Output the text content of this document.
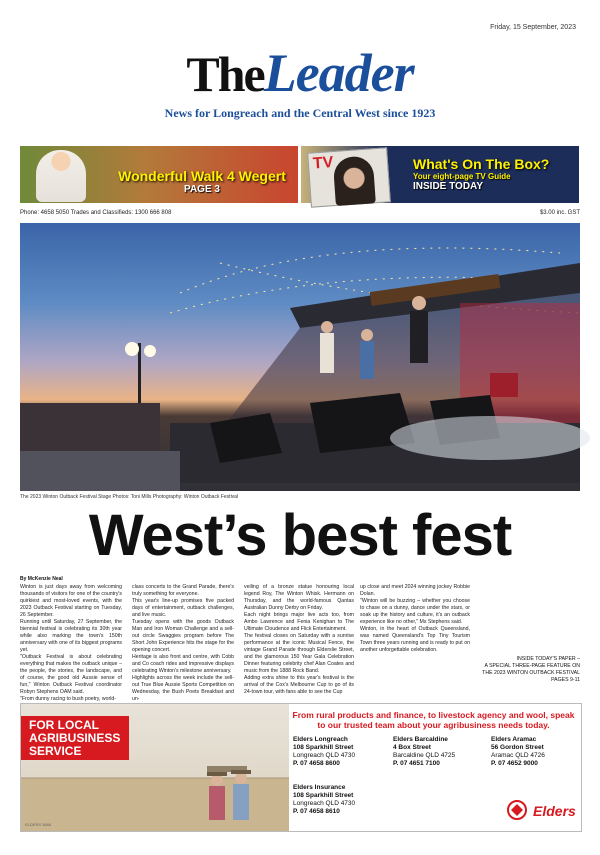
Friday, 15 September, 2023
TheLeader
News for Longreach and the Central West since 1923
Wonderful Walk 4 Wegert
PAGE 3
TV	What's On The Box?
Your eight-page TV Guide
INSIDE TODAY
Phone: 4658 5050 Trades and Classifieds: 1300 666 808	$3.00 inc. GST
The 2023 Winton Outback Festival Stage Photos: Toni Mills Photography: Winton Outback Festival
West’s best fest
By McKenzie Neal

Winton is just days away from welcoming thousands of visitors for one of the country's quirkiest and most-loved events, with the 2023 Outback Festival starting on Tuesday, 26 September.

Running until Saturday, 27 September, the biennial festival is celebrating its 30th year while also marking the town's 150th anniversary with one of its biggest programs yet.

"Outback Festival is about celebrating everything that makes the outback unique – the people, the stories, the landscape, and of course, the good old Aussie sense of fun," Winton Outback Festival coordinator Robyn Stephens OAM said.

"From dunny racing to bush poetry, world-

class concerts to the Grand Parade, there's truly something for everyone.

This year's line-up promises five packed days of entertainment, outback challenges, and live music.

Tuesday opens with the goods Outback Man and Iron Woman Challenge and a sell-out circle Swaggies program before The Short John Experience hits the stage for the opening concert.

Heritage is also front and centre, with Cobb and Co coach rides and impressive displays celebrating Winton's milestone anniversary.

Highlights across the week include the sell-out True Blue Aussie Sports Competition on Wednesday, the Bush Poets Breakfast and un-

veiling of a bronze statue honouring local legend Roy, The Winton Whisk. Hermann on Thursday, and the world-famous Qantas Australian Dunny Derby on Friday.

Each night brings major live acts too, from Ambo Lawrence and Fenia Kenighan to The Ultimate Cloudence and Flick Entertainment.

The festival closes on Saturday with a sunrise performance at the iconic Musical Fence, the vintage Grand Parade through Elderslie Street, and the glamorous 150 Year Gala Celebration Dinner featuring celebrity chef Alan Coates and music from the 1888 Rock Band.

Adding extra shine to this year's festival is the arrival of the Cox's Melbourne Cup to go of its 24-town tour, with fans able to see the Cup

up close and meet 2024 winning jockey Robbie Dolan.

"Winton will be buzzing – whether you choose to chase on a dunny, dance under the stars, or soak up the history and culture, it's an outback experience like no other," Ms Stephens said.

Winton, in the heart of Outback Queensland, was named Queensland's Top Tiny Tourism Town three years running and is ready to put on another unforgettable celebration.

INSIDE TODAY'S PAPER –
A SPECIAL THREE-PAGE FEATURE ON
THE 2023 WINTON OUTBACK FESTIVAL
PAGES 9-11
FOR LOCAL AGRIBUSINESS SERVICE
From rural products and finance, to livestock agency and wool, speak to our trusted team about your agribusiness needs today.
Elders Longreach
108 Sparkhill Street
Longreach QLD 4730

P. 07 4658 8600
Elders Barcaldine
4 Box Street
Barcaldine QLD 4725

P. 07 4651 7100
Elders Aramac
56 Gordon Street
Aramac QLD 4726

P. 07 4652 9000
Elders Insurance
108 Sparkhill Street
Longreach QLD 4730

P. 07 4658 8610	Elders
ELDERS 3866
